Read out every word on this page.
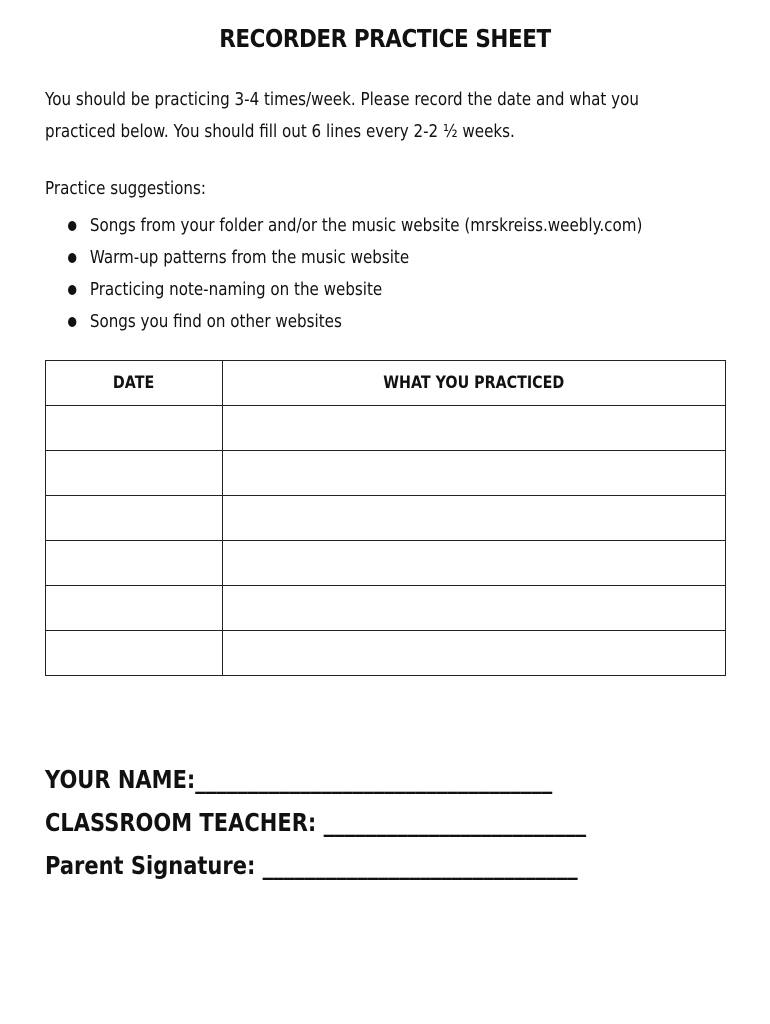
RECORDER PRACTICE SHEET

You should be practicing 3-4 times/week. Please record the date and what you

practiced below. You should fill out 6 lines every 2-2 ½ weeks.

Practice suggestions:
Songs from your folder and/or the music website (mrskreiss.weebly.com)
Warm-up patterns from the music website
Practicing note-naming on the website
Songs you find on other websites
DATE	WHAT YOU PRACTICED

YOUR NAME:__________________________________
CLASSROOM TEACHER: _________________________
Parent Signature: ______________________________
